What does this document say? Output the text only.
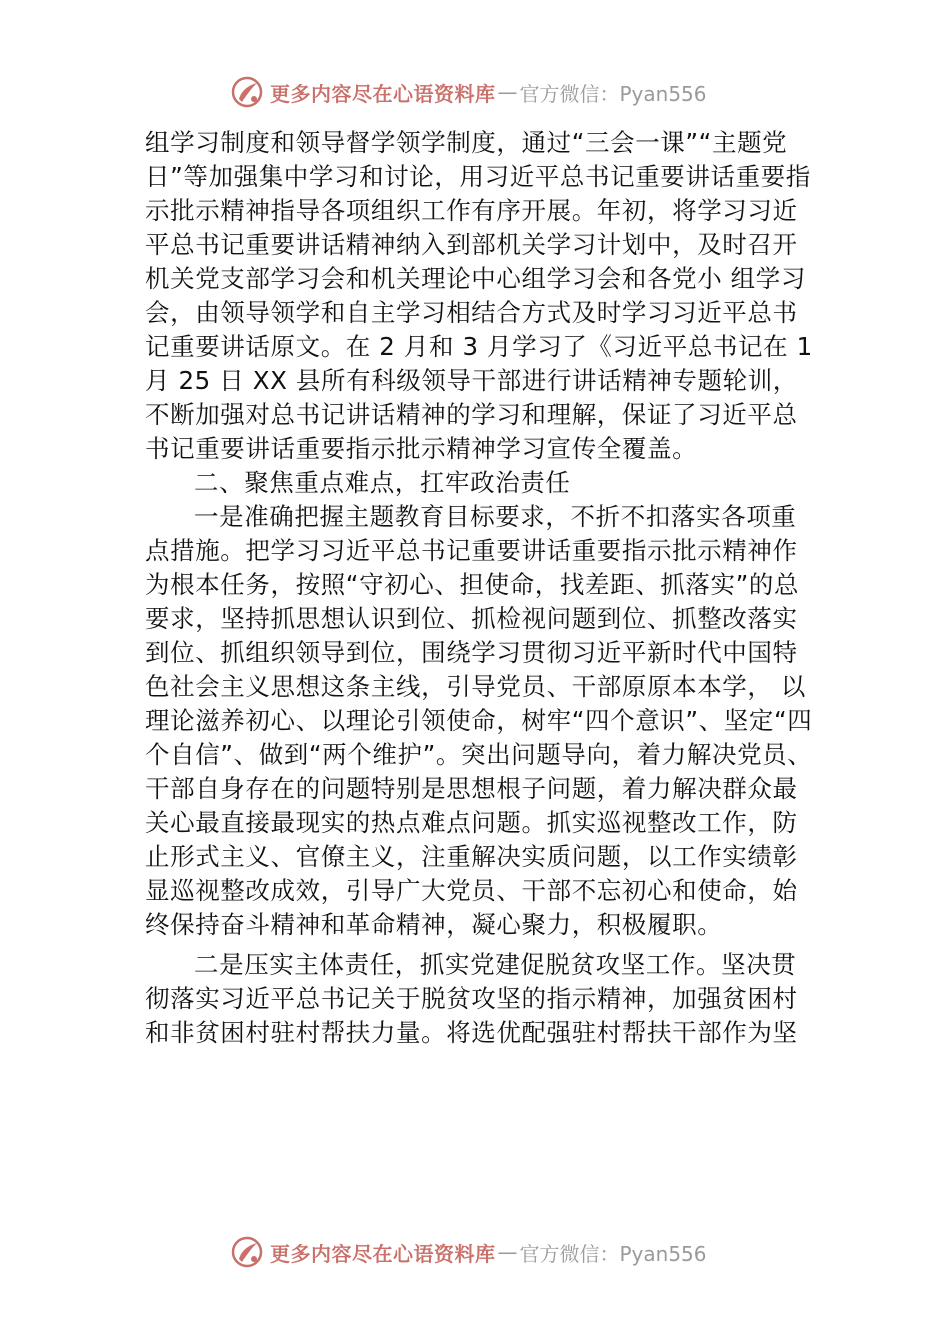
更多内容尽在心语资料库 — 官方微信：Pyan556

组学习制度和领导督学领学制度，通过“三会一课”“主题党日”等加强集中学习和讨论，用习近平总书记重要讲话重要指示批示精神指导各项组织工作有序开展。年初，将学习习近平总书记重要讲话精神纳入到部机关学习计划中，及时召开机关党支部学习会和机关理论中心组学习会和各党小 组学习会，由领导领学和自主学习相结合方式及时学习习近平总书记重要讲话原文。在 2 月和 3 月学习了《习近平总书记在 1 月 25 日 XX 县所有科级领导干部进行讲话精神专题轮训， 不断加强对总书记讲话精神的学习和理解，保证了习近平总书记重要讲话重要指示批示精神学习宣传全覆盖。

二、聚焦重点难点，扛牢政治责任

一是准确把握主题教育目标要求，不折不扣落实各项重点措施。把学习习近平总书记重要讲话重要指示批示精神作为根本任务，按照“守初心、担使命，找差距、抓落实”的总要求，坚持抓思想认识到位、抓检视问题到位、抓整改落实到位、抓组织领导到位，围绕学习贯彻习近平新时代中国特色社会主义思想这条主线，引导党员、干部原原本本学， 以理论滋养初心、以理论引领使命，树牢“四个意识”、坚定“四个自信”、做到“两个维护”。突出问题导向，着力解决党员、干部自身存在的问题特别是思想根子问题，着力解决群众最关心最直接最现实的热点难点问题。抓实巡视整改工作，防止形式主义、官僚主义，注重解决实质问题，以工作实绩彰显巡视整改成效，引导广大党员、干部不忘初心和使命，始终保持奋斗精神和革命精神，凝心聚力，积极履职。

二是压实主体责任，抓实党建促脱贫攻坚工作。坚决贯彻落实习近平总书记关于脱贫攻坚的指示精神，加强贫困村和非贫困村驻村帮扶力量。将选优配强驻村帮扶干部作为坚

更多内容尽在心语资料库 — 官方微信：Pyan556
